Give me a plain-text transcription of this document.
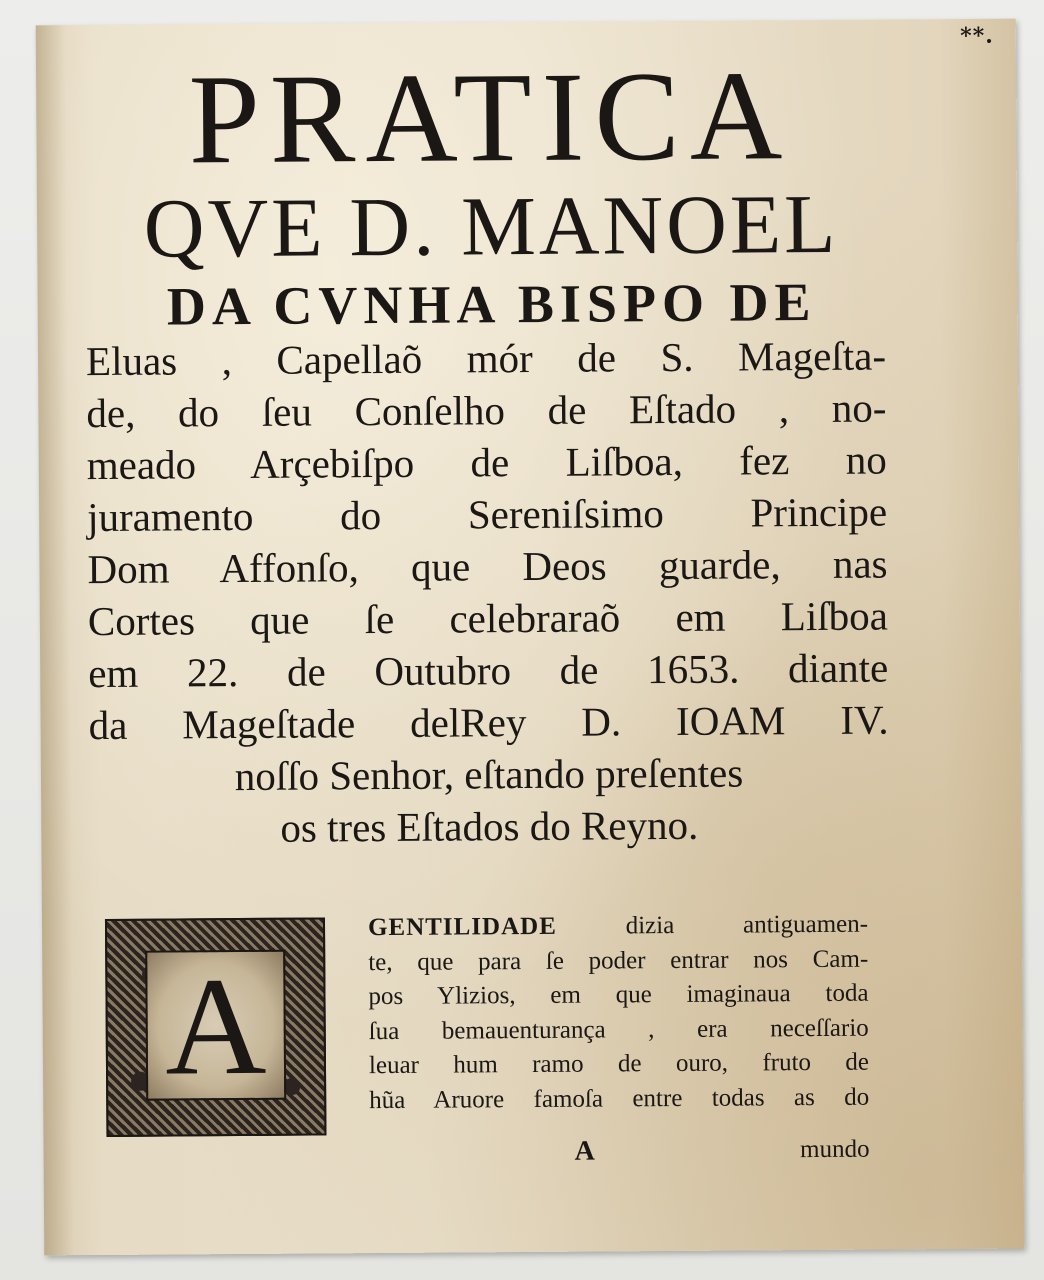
**.

PRATICA

QVE D. MANOEL

DA CVNHA BISPO DE

Eluas , Capellaõ mór de S. Mageſta-

de, do ſeu Conſelho de Eſtado , no-

meado Arçebiſpo de Liſboa, fez no

juramento do Sereniſsimo Principe

Dom Affonſo, que Deos guarde, nas

Cortes que ſe celebraraõ em Liſboa

em 22. de Outubro de 1653. diante

da Mageſtade delRey D. IOAM IV.

noſſo Senhor, eſtando preſentes

os tres Eſtados do Reyno.

A

GENTILIDADE dizia antiguamen-

te, que para ſe poder entrar nos Cam-

pos Ylizios, em que imaginaua toda

ſua bemauenturança , era neceſſario

leuar hum ramo de ouro, fruto de

hũa Aruore famoſa entre todas as do

A	mundo
